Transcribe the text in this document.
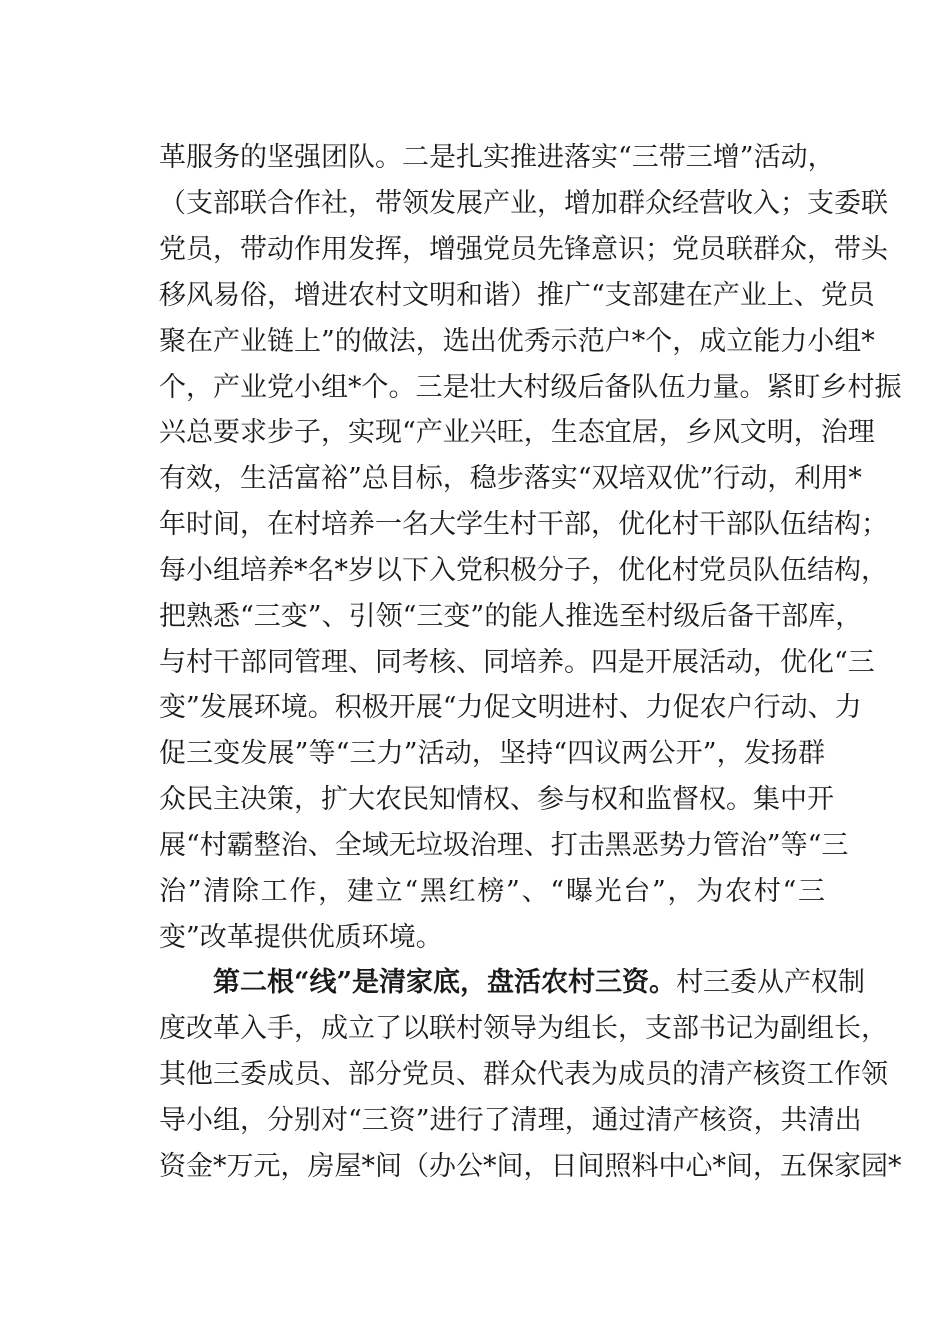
革服务的坚强团队。二是扎实推进落实“三带三增”活动，
（支部联合作社，带领发展产业，增加群众经营收入；支委联
党员，带动作用发挥，增强党员先锋意识；党员联群众，带头
移风易俗，增进农村文明和谐）推广“支部建在产业上、党员
聚在产业链上”的做法，选出优秀示范户*个，成立能力小组*
个，产业党小组*个。三是壮大村级后备队伍力量。紧盯乡村振
兴总要求步子，实现“产业兴旺，生态宜居，乡风文明，治理
有效，生活富裕”总目标，稳步落实“双培双优”行动，利用*
年时间，在村培养一名大学生村干部，优化村干部队伍结构；
每小组培养*名*岁以下入党积极分子，优化村党员队伍结构，
把熟悉“三变”、引领“三变”的能人推选至村级后备干部库，
与村干部同管理、同考核、同培养。四是开展活动，优化“三
变”发展环境。积极开展“力促文明进村、力促农户行动、力
促三变发展”等“三力”活动，坚持“四议两公开”，发扬群
众民主决策，扩大农民知情权、参与权和监督权。集中开
展“村霸整治、全域无垃圾治理、打击黑恶势力管治”等“三
治”清除工作，建立“黑红榜”、“曝光台”，为农村“三
变”改革提供优质环境。
第二根“线”是清家底，盘活农村三资。村三委从产权制
度改革入手，成立了以联村领导为组长，支部书记为副组长，
其他三委成员、部分党员、群众代表为成员的清产核资工作领
导小组，分别对“三资”进行了清理，通过清产核资，共清出
资金*万元，房屋*间（办公*间，日间照料中心*间，五保家园*
